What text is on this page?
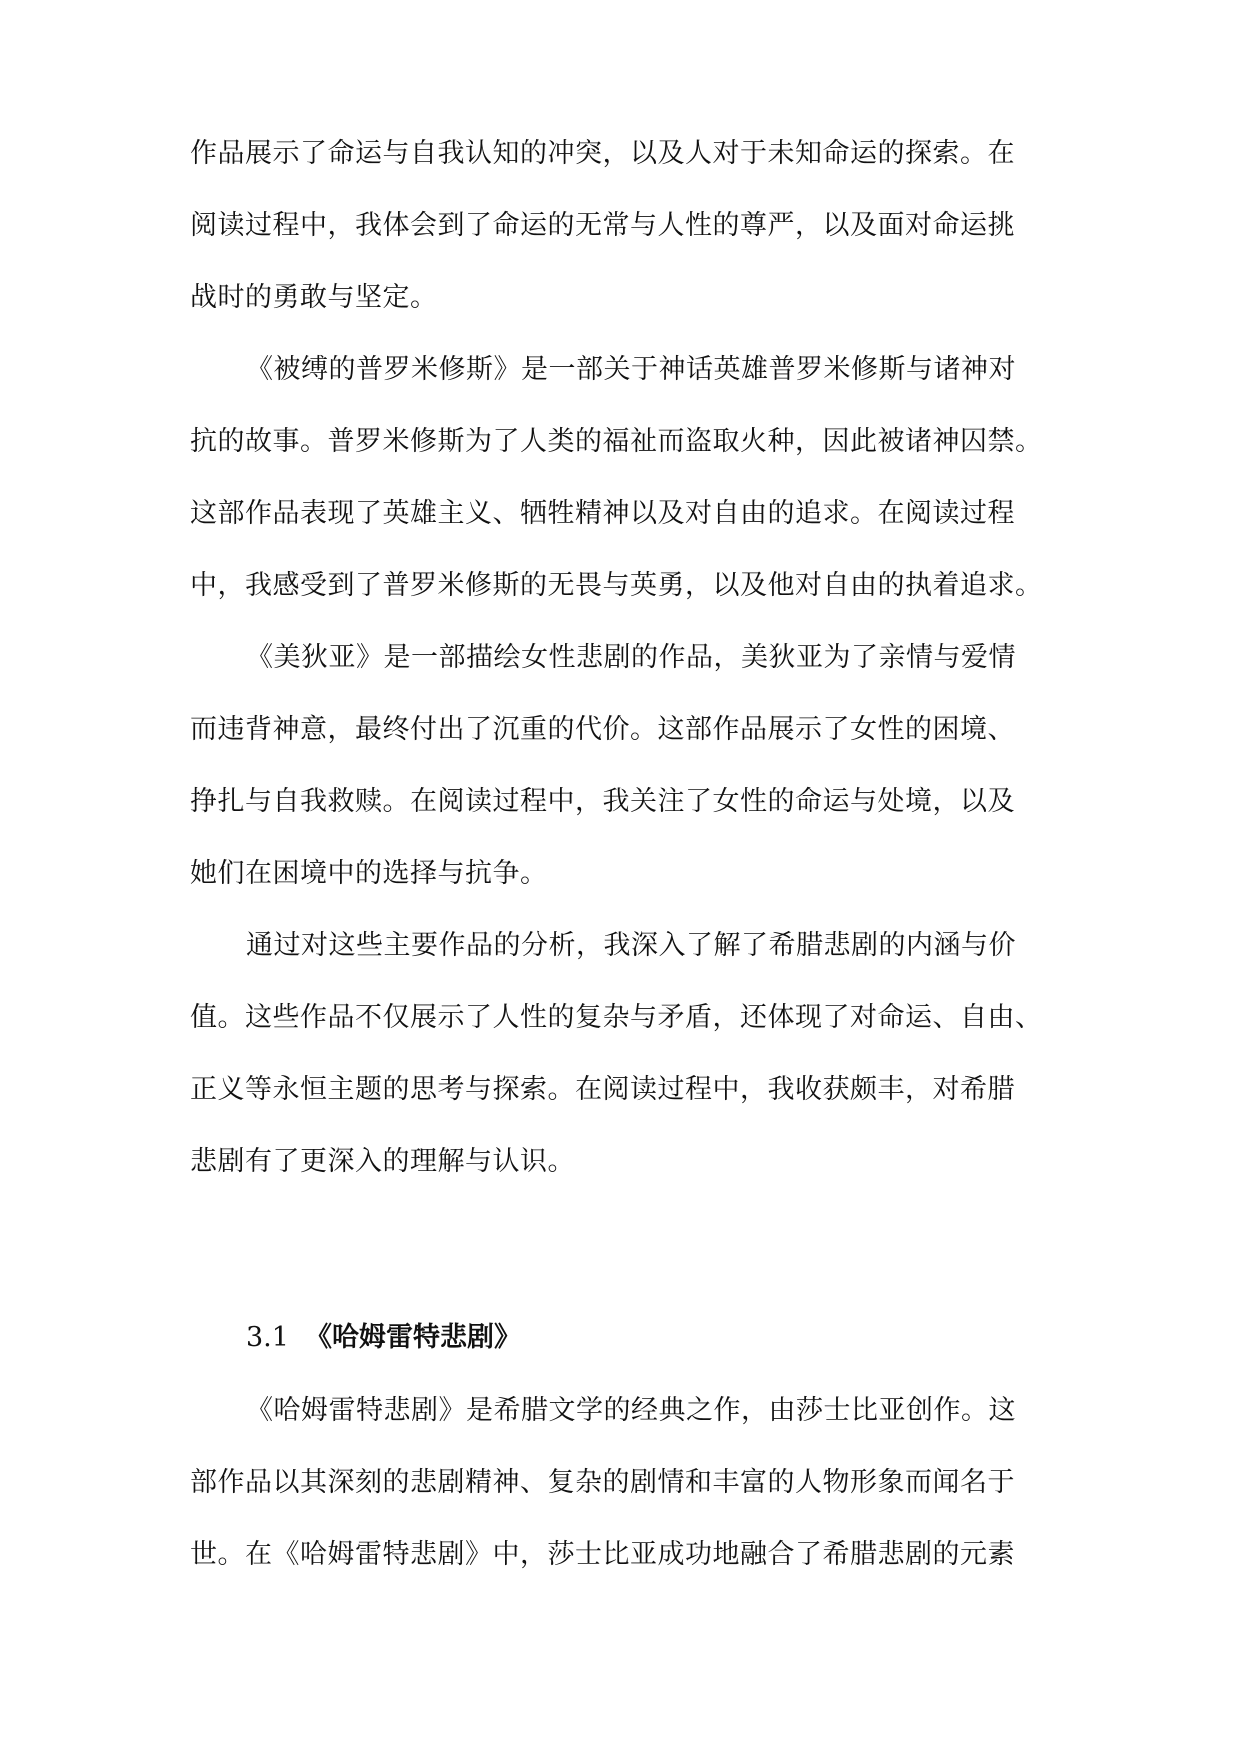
作品展示了命运与自我认知的冲突，以及人对于未知命运的探索。在
阅读过程中，我体会到了命运的无常与人性的尊严，以及面对命运挑
战时的勇敢与坚定。
《被缚的普罗米修斯》是一部关于神话英雄普罗米修斯与诸神对
抗的故事。普罗米修斯为了人类的福祉而盗取火种，因此被诸神囚禁。
这部作品表现了英雄主义、牺牲精神以及对自由的追求。在阅读过程
中，我感受到了普罗米修斯的无畏与英勇，以及他对自由的执着追求。
《美狄亚》是一部描绘女性悲剧的作品，美狄亚为了亲情与爱情
而违背神意，最终付出了沉重的代价。这部作品展示了女性的困境、
挣扎与自我救赎。在阅读过程中，我关注了女性的命运与处境，以及
她们在困境中的选择与抗争。
通过对这些主要作品的分析，我深入了解了希腊悲剧的内涵与价
值。这些作品不仅展示了人性的复杂与矛盾，还体现了对命运、自由、
正义等永恒主题的思考与探索。在阅读过程中，我收获颇丰，对希腊
悲剧有了更深入的理解与认识。
3.1 《哈姆雷特悲剧》
《哈姆雷特悲剧》是希腊文学的经典之作，由莎士比亚创作。这
部作品以其深刻的悲剧精神、复杂的剧情和丰富的人物形象而闻名于
世。在《哈姆雷特悲剧》中，莎士比亚成功地融合了希腊悲剧的元素
